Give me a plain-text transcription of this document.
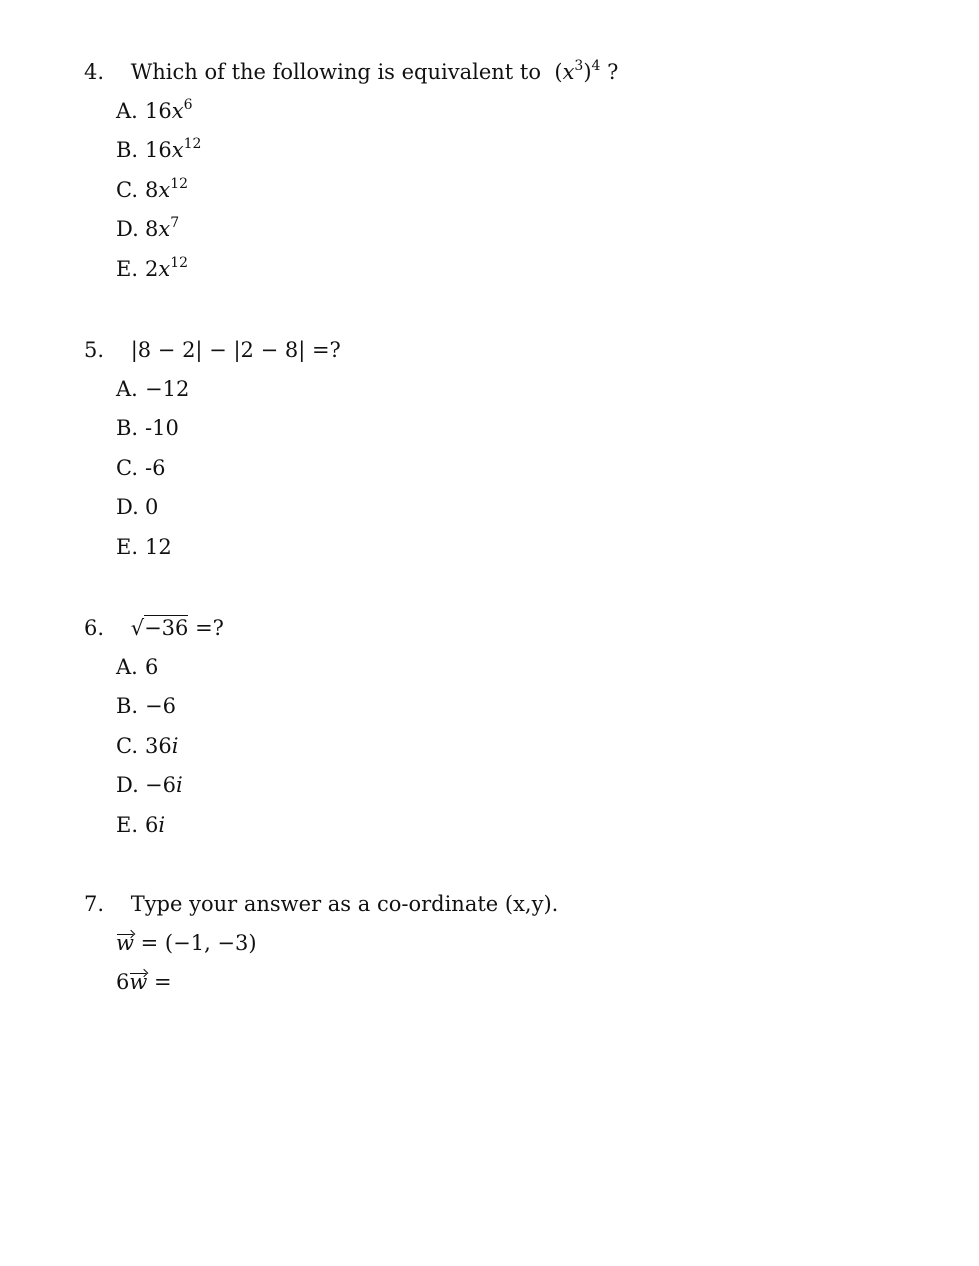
4. Which of the following is equivalent to  $(x^3)^4$ ?
A. $16x^6$
B. $16x^{12}$
C. $8x^{12}$
D. $8x^7$
E. $2x^{12}$
5. |8 − 2| − |2 − 8| =?
A. −12
B. -10
C. -6
D. 0
E. 12
6. √−36 =?
A. 6
B. −6
C. 36i
D. −6i
E. 6i
7. Type your answer as a co-ordinate (x,y).
w = (−1, −3)
6w =
